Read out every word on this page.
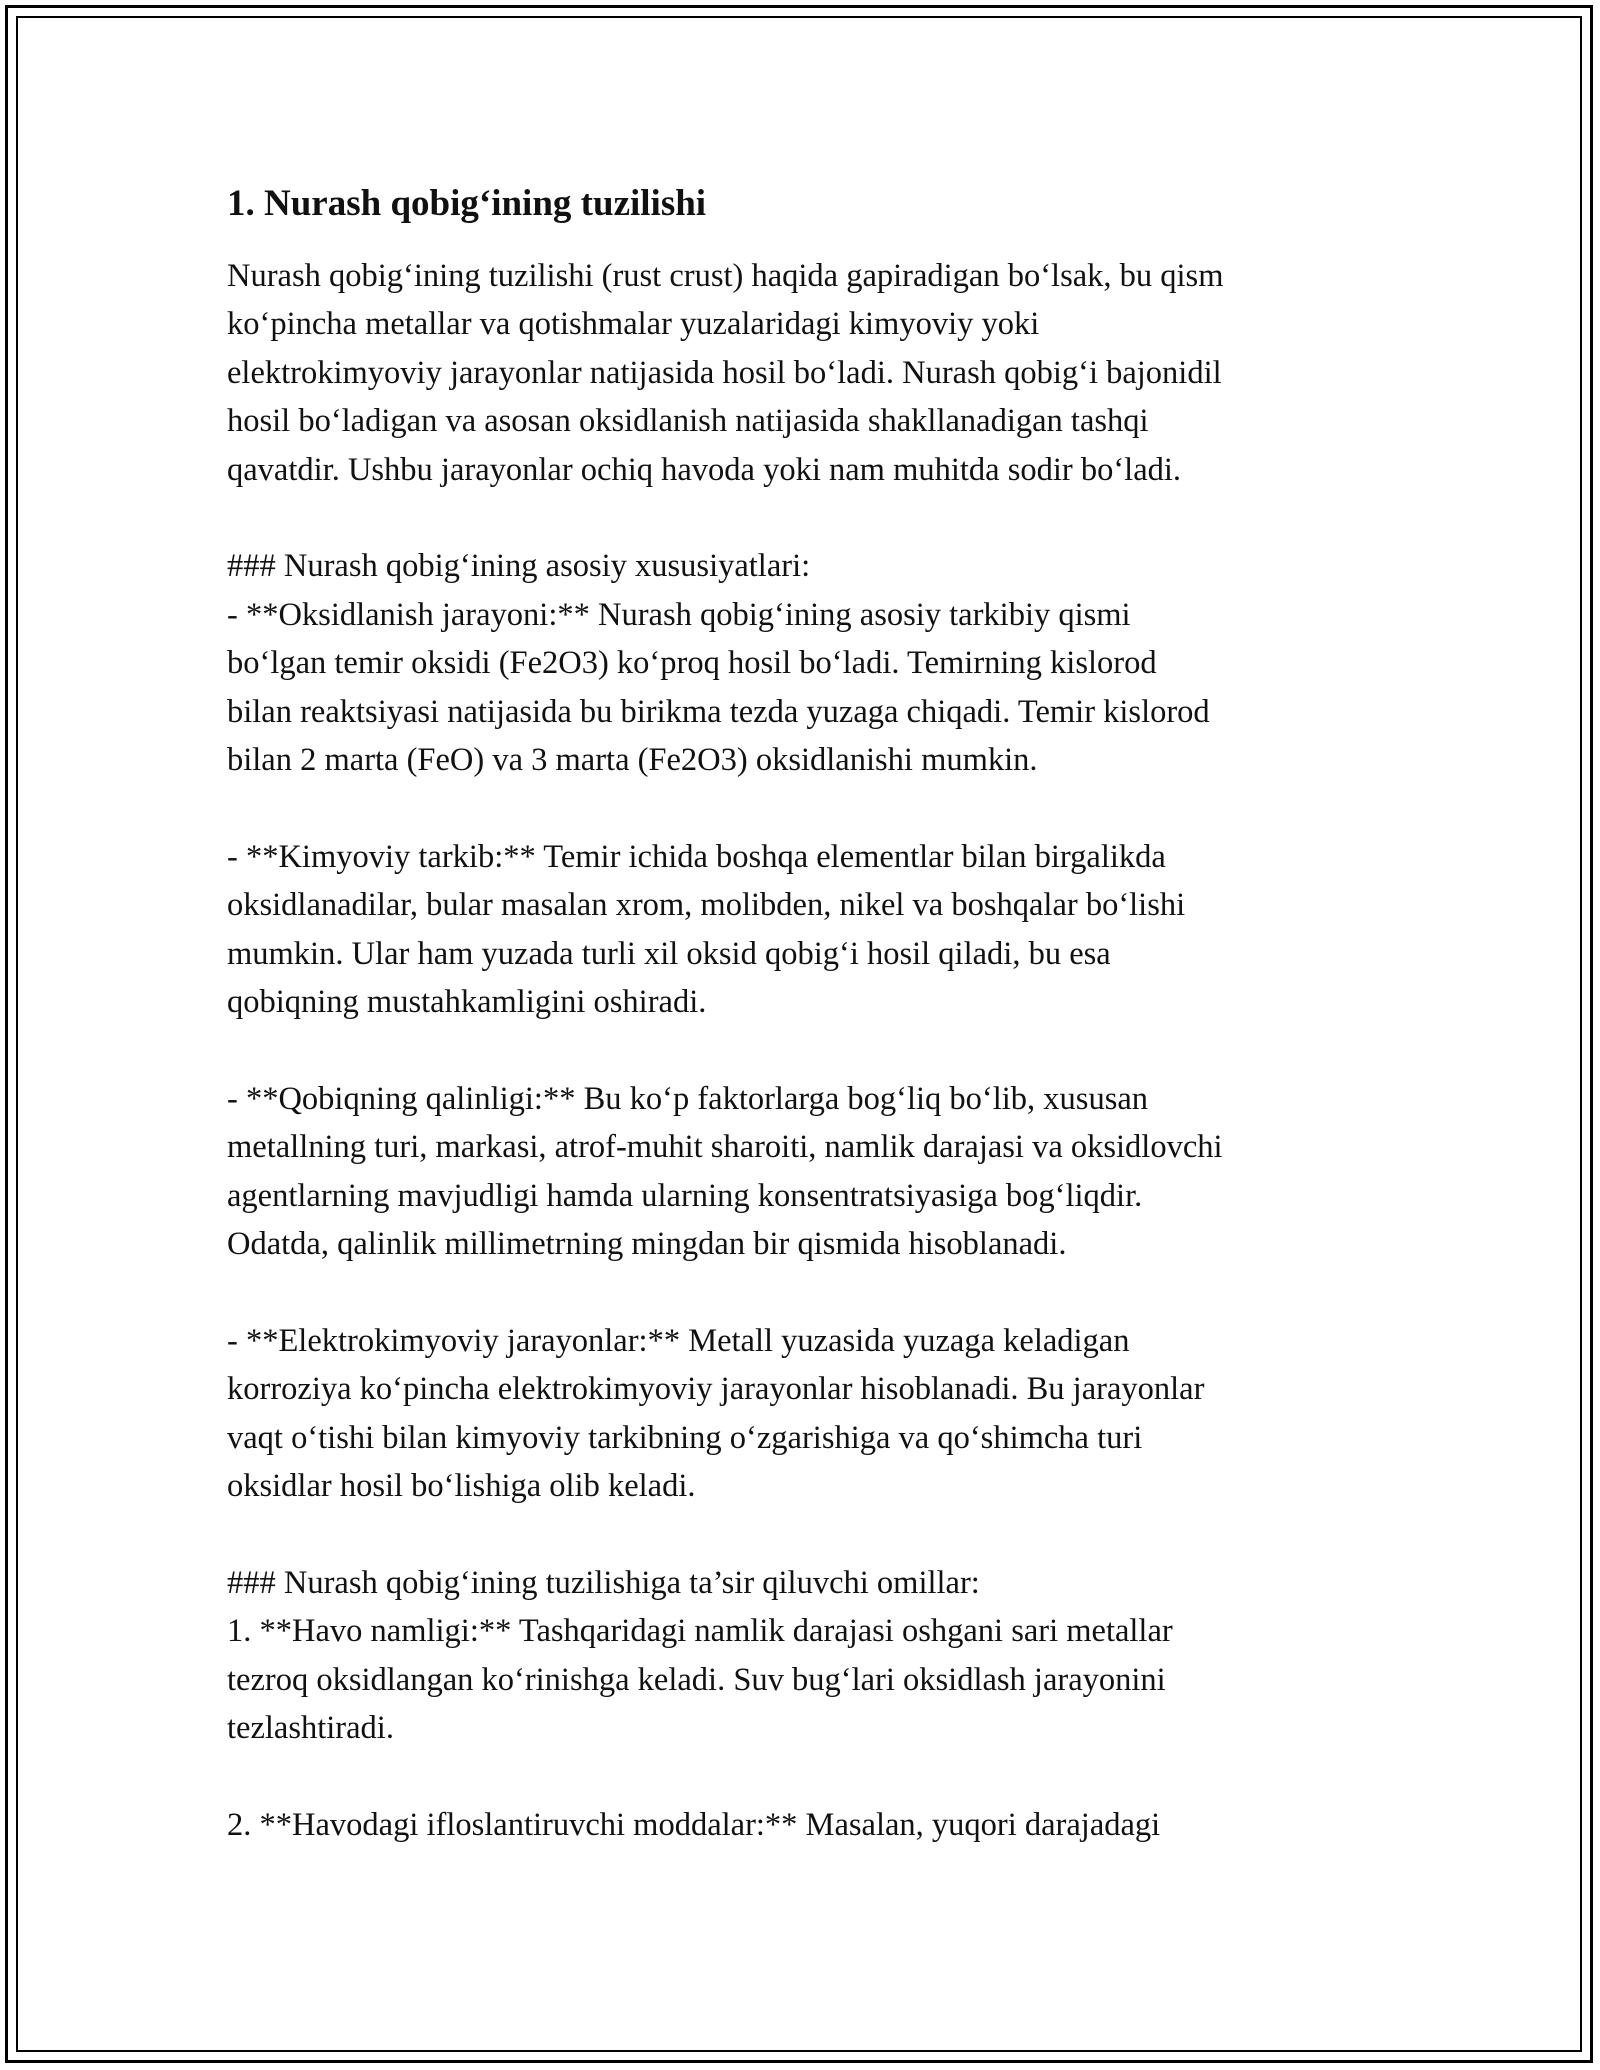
1. Nurash qobig‘ining tuzilishi
Nurash qobig‘ining tuzilishi (rust crust) haqida gapiradigan bo‘lsak, bu qism
ko‘pincha metallar va qotishmalar yuzalaridagi kimyoviy yoki
elektrokimyoviy jarayonlar natijasida hosil bo‘ladi. Nurash qobig‘i bajonidil
hosil bo‘ladigan va asosan oksidlanish natijasida shakllanadigan tashqi
qavatdir. Ushbu jarayonlar ochiq havoda yoki nam muhitda sodir bo‘ladi.
### Nurash qobig‘ining asosiy xususiyatlari:
- **Oksidlanish jarayoni:** Nurash qobig‘ining asosiy tarkibiy qismi
bo‘lgan temir oksidi (Fe2O3) ko‘proq hosil bo‘ladi. Temirning kislorod
bilan reaktsiyasi natijasida bu birikma tezda yuzaga chiqadi. Temir kislorod
bilan 2 marta (FeO) va 3 marta (Fe2O3) oksidlanishi mumkin.
- **Kimyoviy tarkib:** Temir ichida boshqa elementlar bilan birgalikda
oksidlanadilar, bular masalan xrom, molibden, nikel va boshqalar bo‘lishi
mumkin. Ular ham yuzada turli xil oksid qobig‘i hosil qiladi, bu esa
qobiqning mustahkamligini oshiradi.
- **Qobiqning qalinligi:** Bu ko‘p faktorlarga bog‘liq bo‘lib, xususan
metallning turi, markasi, atrof-muhit sharoiti, namlik darajasi va oksidlovchi
agentlarning mavjudligi hamda ularning konsentratsiyasiga bog‘liqdir.
Odatda, qalinlik millimetrning mingdan bir qismida hisoblanadi.
- **Elektrokimyoviy jarayonlar:** Metall yuzasida yuzaga keladigan
korroziya ko‘pincha elektrokimyoviy jarayonlar hisoblanadi. Bu jarayonlar
vaqt o‘tishi bilan kimyoviy tarkibning o‘zgarishiga va qo‘shimcha turi
oksidlar hosil bo‘lishiga olib keladi.
### Nurash qobig‘ining tuzilishiga ta’sir qiluvchi omillar:
1. **Havo namligi:** Tashqaridagi namlik darajasi oshgani sari metallar
tezroq oksidlangan ko‘rinishga keladi. Suv bug‘lari oksidlash jarayonini
tezlashtiradi.
2. **Havodagi ifloslantiruvchi moddalar:** Masalan, yuqori darajadagi
